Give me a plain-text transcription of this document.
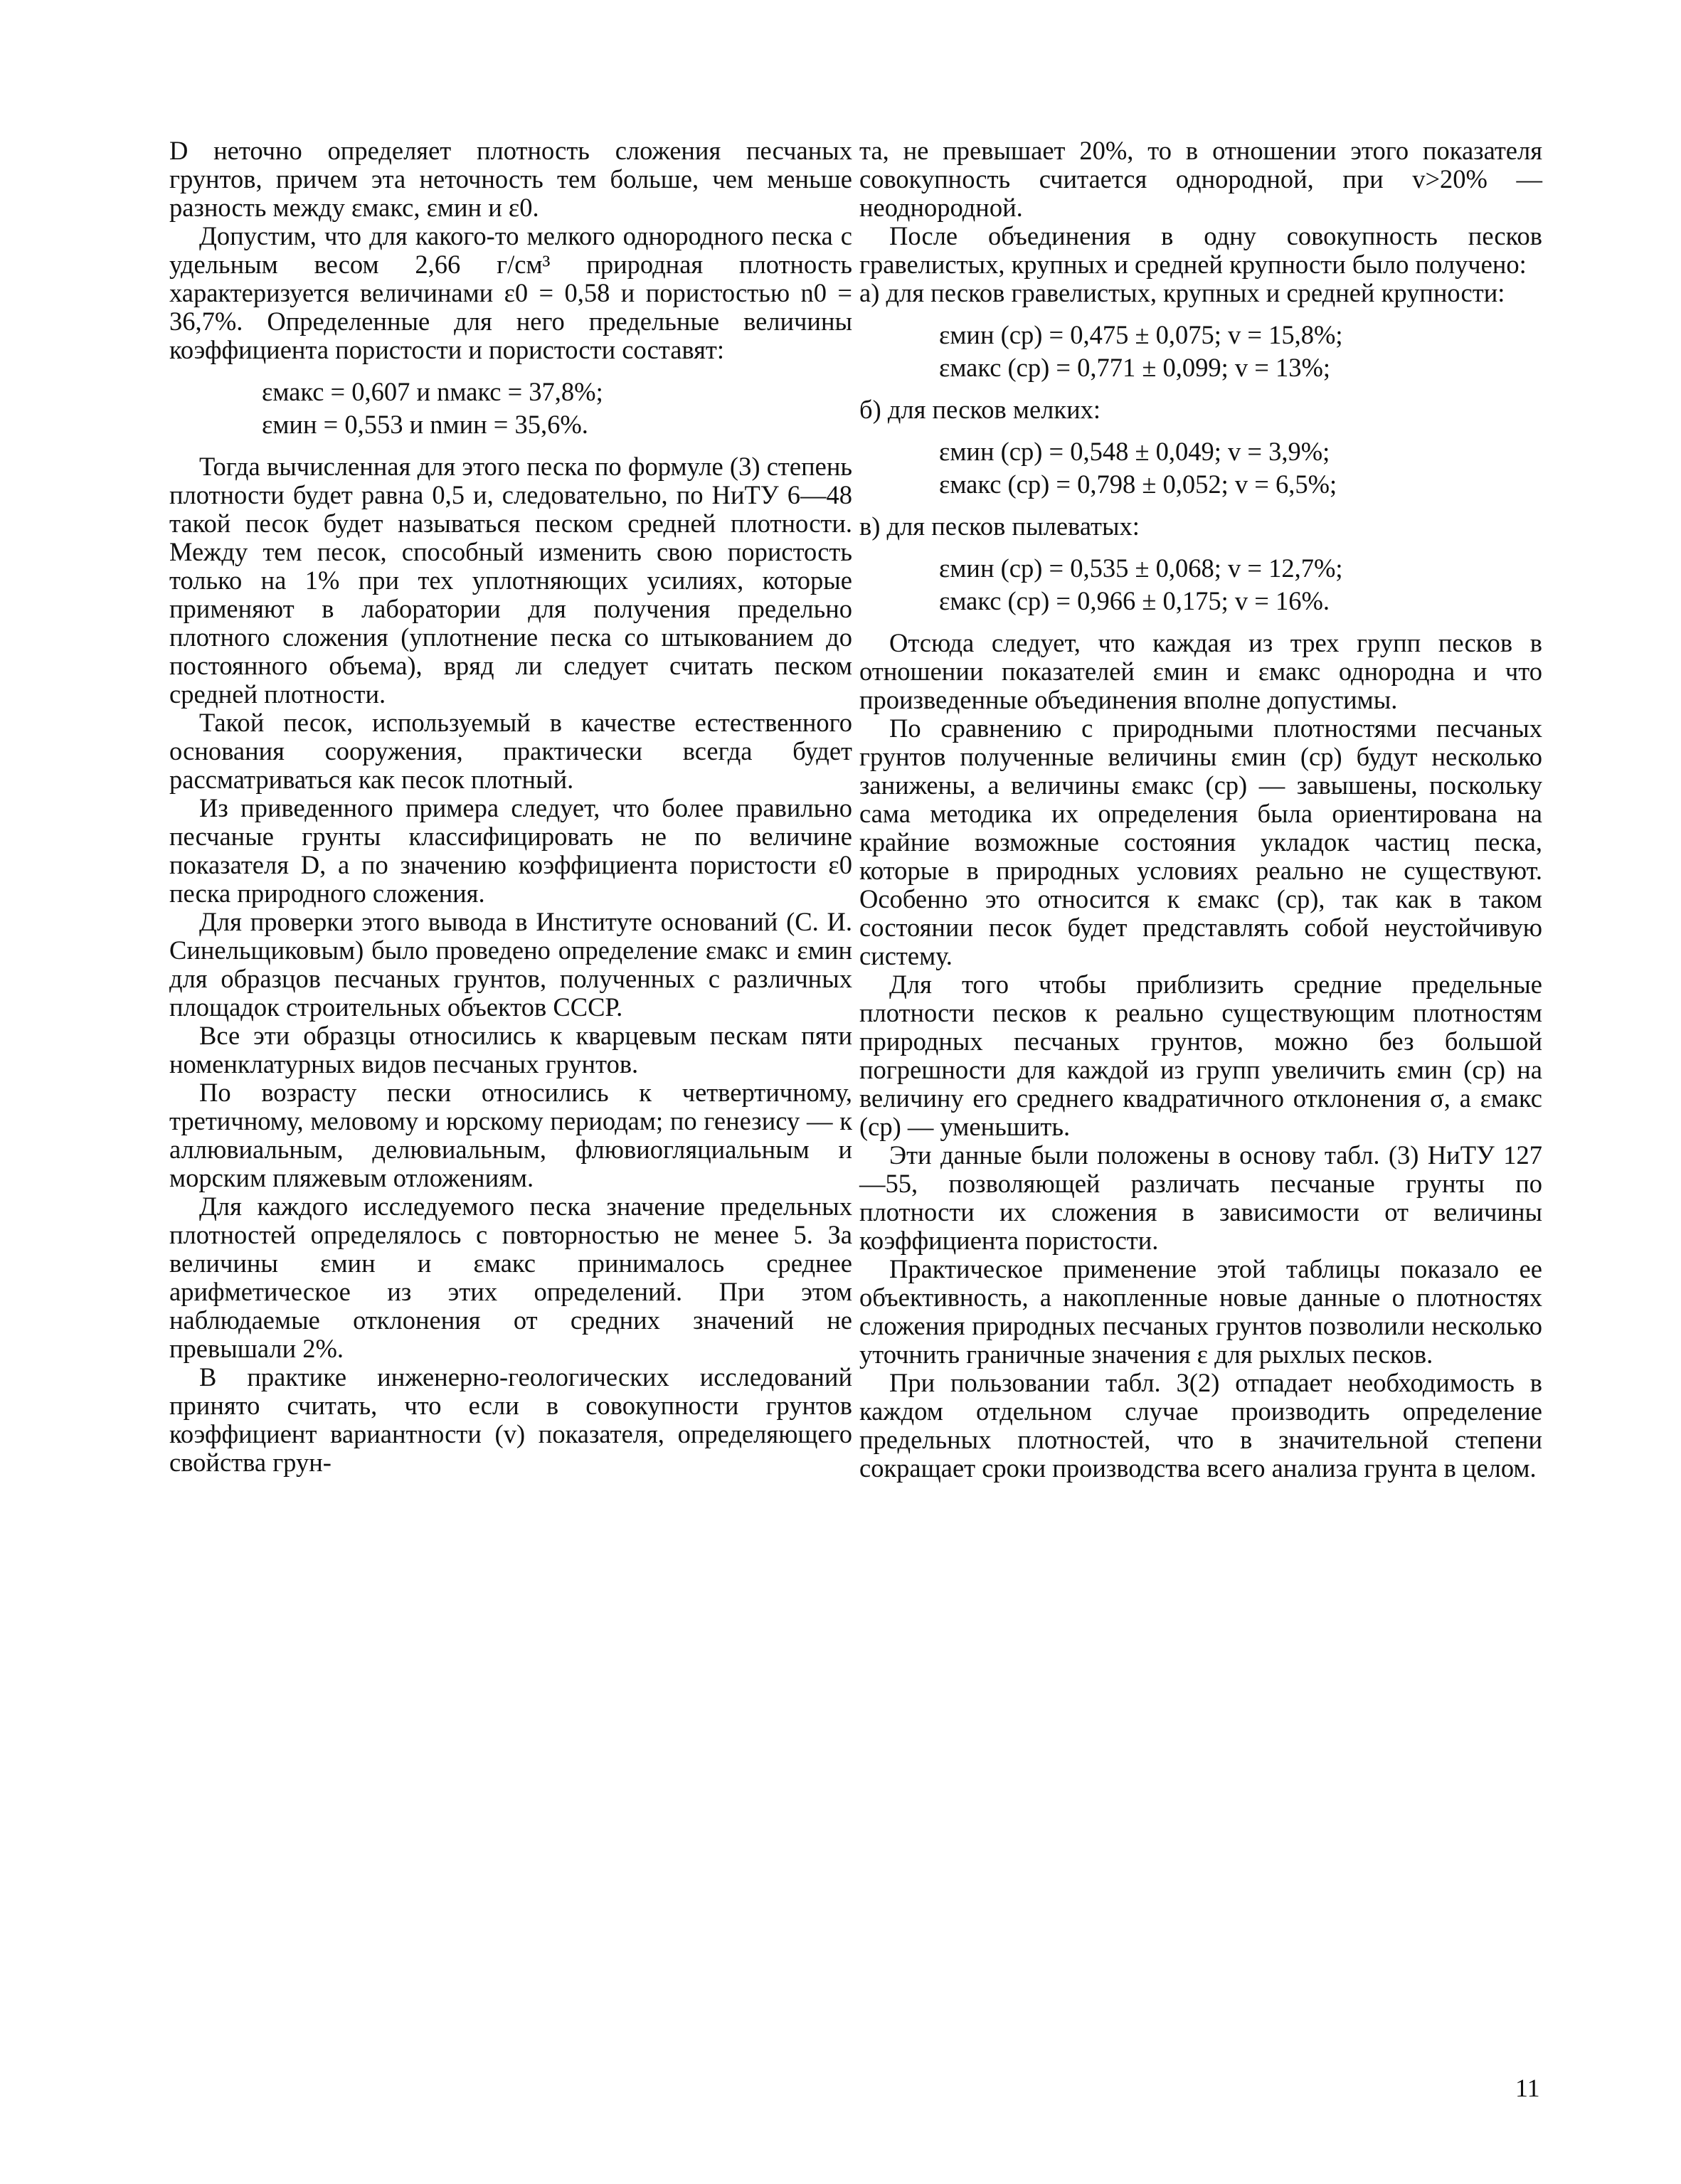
D неточно определяет плотность сложения песчаных грунтов, причем эта неточность тем больше, чем меньше разность между εмакс, εмин и ε0.

Допустим, что для какого-то мелкого однородного песка с удельным весом 2,66 г/см³ природная плотность характеризуется величинами ε0 = 0,58 и пористостью n0 = 36,7%. Определенные для него предельные величины коэффициента пористости и пористости составят:

εмакс = 0,607 и nмакс = 37,8%;
εмин = 0,553 и nмин = 35,6%.

Тогда вычисленная для этого песка по формуле (3) степень плотности будет равна 0,5 и, следовательно, по НиТУ 6—48 такой песок будет называться песком средней плотности. Между тем песок, способный изменить свою пористость только на 1% при тех уплотняющих усилиях, которые применяют в лаборатории для получения предельно плотного сложения (уплотнение песка со штыкованием до постоянного объема), вряд ли следует считать песком средней плотности.

Такой песок, используемый в качестве естественного основания сооружения, практически всегда будет рассматриваться как песок плотный.

Из приведенного примера следует, что более правильно песчаные грунты классифицировать не по величине показателя D, а по значению коэффициента пористости ε0 песка природного сложения.

Для проверки этого вывода в Институте оснований (С. И. Синельщиковым) было проведено определение εмакс и εмин для образцов песчаных грунтов, полученных с различных площадок строительных объектов СССР.

Все эти образцы относились к кварцевым пескам пяти номенклатурных видов песчаных грунтов.

По возрасту пески относились к четвертичному, третичному, меловому и юрскому периодам; по генезису — к аллювиальным, делювиальным, флювиогляциальным и морским пляжевым отложениям.

Для каждого исследуемого песка значение предельных плотностей определялось с повторностью не менее 5. За величины εмин и εмакс принималось среднее арифметическое из этих определений. При этом наблюдаемые отклонения от средних значений не превышали 2%.

В практике инженерно-геологических исследований принято считать, что если в совокупности грунтов коэффициент вариантности (v) показателя, определяющего свойства грун-

та, не превышает 20%, то в отношении этого показателя совокупность считается однородной, при v>20% — неоднородной.

После объединения в одну совокупность песков гравелистых, крупных и средней крупности было получено:

а) для песков гравелистых, крупных и средней крупности:

εмин (ср) = 0,475 ± 0,075; v = 15,8%;
εмакс (ср) = 0,771 ± 0,099; v = 13%;

б) для песков мелких:

εмин (ср) = 0,548 ± 0,049; v = 3,9%;
εмакс (ср) = 0,798 ± 0,052; v = 6,5%;

в) для песков пылеватых:

εмин (ср) = 0,535 ± 0,068; v = 12,7%;
εмакс (ср) = 0,966 ± 0,175; v = 16%.

Отсюда следует, что каждая из трех групп песков в отношении показателей εмин и εмакс однородна и что произведенные объединения вполне допустимы.

По сравнению с природными плотностями песчаных грунтов полученные величины εмин (ср) будут несколько занижены, а величины εмакс (ср) — завышены, поскольку сама методика их определения была ориентирована на крайние возможные состояния укладок частиц песка, которые в природных условиях реально не существуют. Особенно это относится к εмакс (ср), так как в таком состоянии песок будет представлять собой неустойчивую систему.

Для того чтобы приблизить средние предельные плотности песков к реально существующим плотностям природных песчаных грунтов, можно без большой погрешности для каждой из групп увеличить εмин (ср) на величину его среднего квадратичного отклонения σ, а εмакс (ср) — уменьшить.

Эти данные были положены в основу табл. (3) НиТУ 127—55, позволяющей различать песчаные грунты по плотности их сложения в зависимости от величины коэффициента пористости.

Практическое применение этой таблицы показало ее объективность, а накопленные новые данные о плотностях сложения природных песчаных грунтов позволили несколько уточнить граничные значения ε для рыхлых песков.

При пользовании табл. 3(2) отпадает необходимость в каждом отдельном случае производить определение предельных плотностей, что в значительной степени сокращает сроки производства всего анализа грунта в целом.

11
